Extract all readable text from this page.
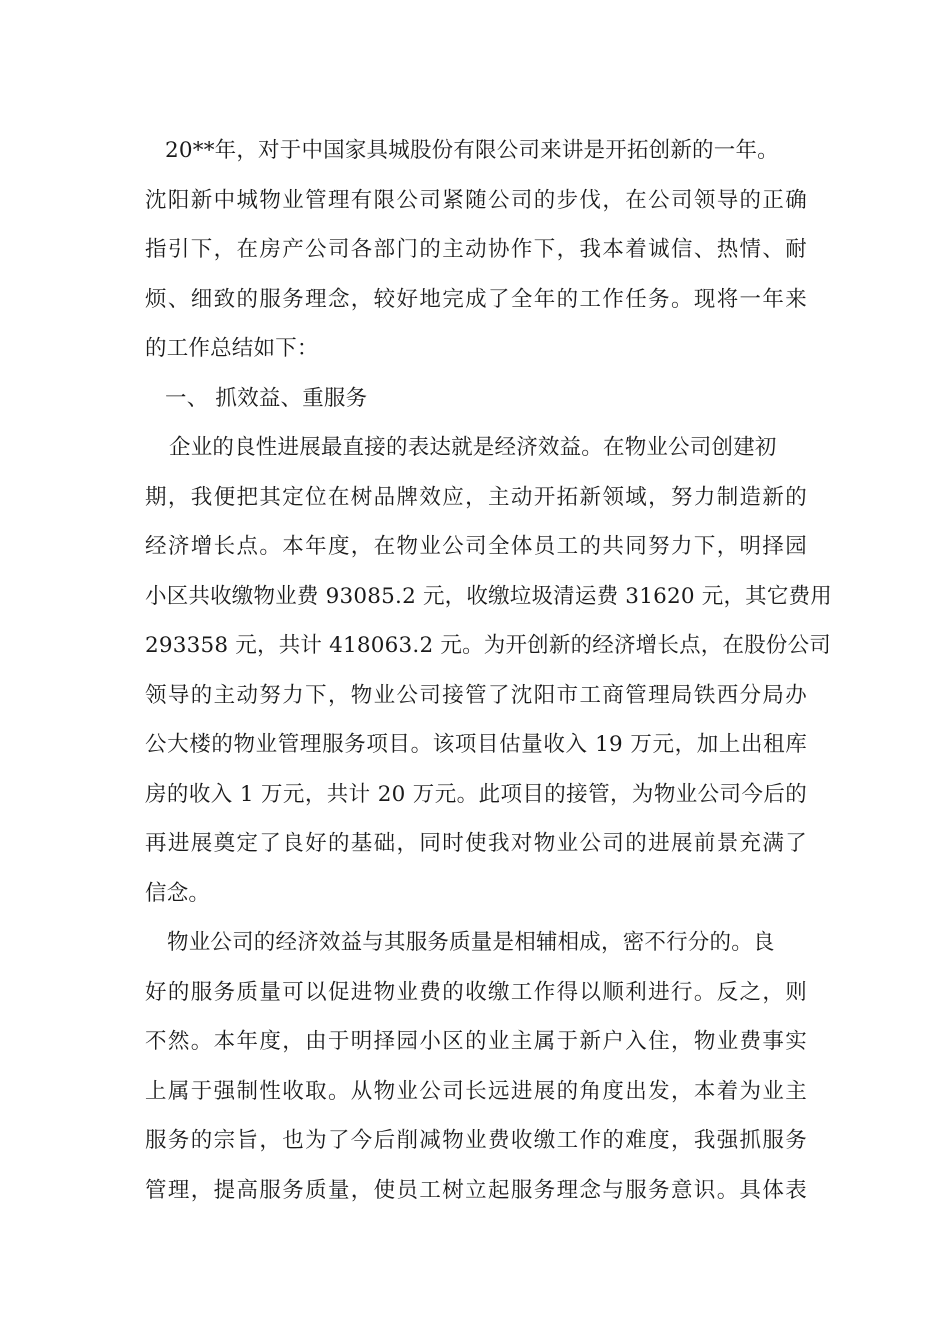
20**年，对于中国家具城股份有限公司来讲是开拓创新的一年。
沈阳新中城物业管理有限公司紧随公司的步伐，在公司领导的正确
指引下，在房产公司各部门的主动协作下，我本着诚信、热情、耐
烦、细致的服务理念，较好地完成了全年的工作任务。现将一年来
的工作总结如下：
一、 抓效益、重服务
企业的良性进展最直接的表达就是经济效益。在物业公司创建初
期，我便把其定位在树品牌效应，主动开拓新领域，努力制造新的
经济增长点。本年度，在物业公司全体员工的共同努力下，明择园
小区共收缴物业费 93085.2 元，收缴垃圾清运费 31620 元，其它费用
293358 元，共计 418063.2 元。为开创新的经济增长点，在股份公司
领导的主动努力下，物业公司接管了沈阳市工商管理局铁西分局办
公大楼的物业管理服务项目。该项目估量收入 19 万元，加上出租库
房的收入 1 万元，共计 20 万元。此项目的接管，为物业公司今后的
再进展奠定了良好的基础，同时使我对物业公司的进展前景充满了
信念。
物业公司的经济效益与其服务质量是相辅相成，密不行分的。良
好的服务质量可以促进物业费的收缴工作得以顺利进行。反之，则
不然。本年度，由于明择园小区的业主属于新户入住，物业费事实
上属于强制性收取。从物业公司长远进展的角度出发，本着为业主
服务的宗旨，也为了今后削减物业费收缴工作的难度，我强抓服务
管理，提高服务质量，使员工树立起服务理念与服务意识。具体表
